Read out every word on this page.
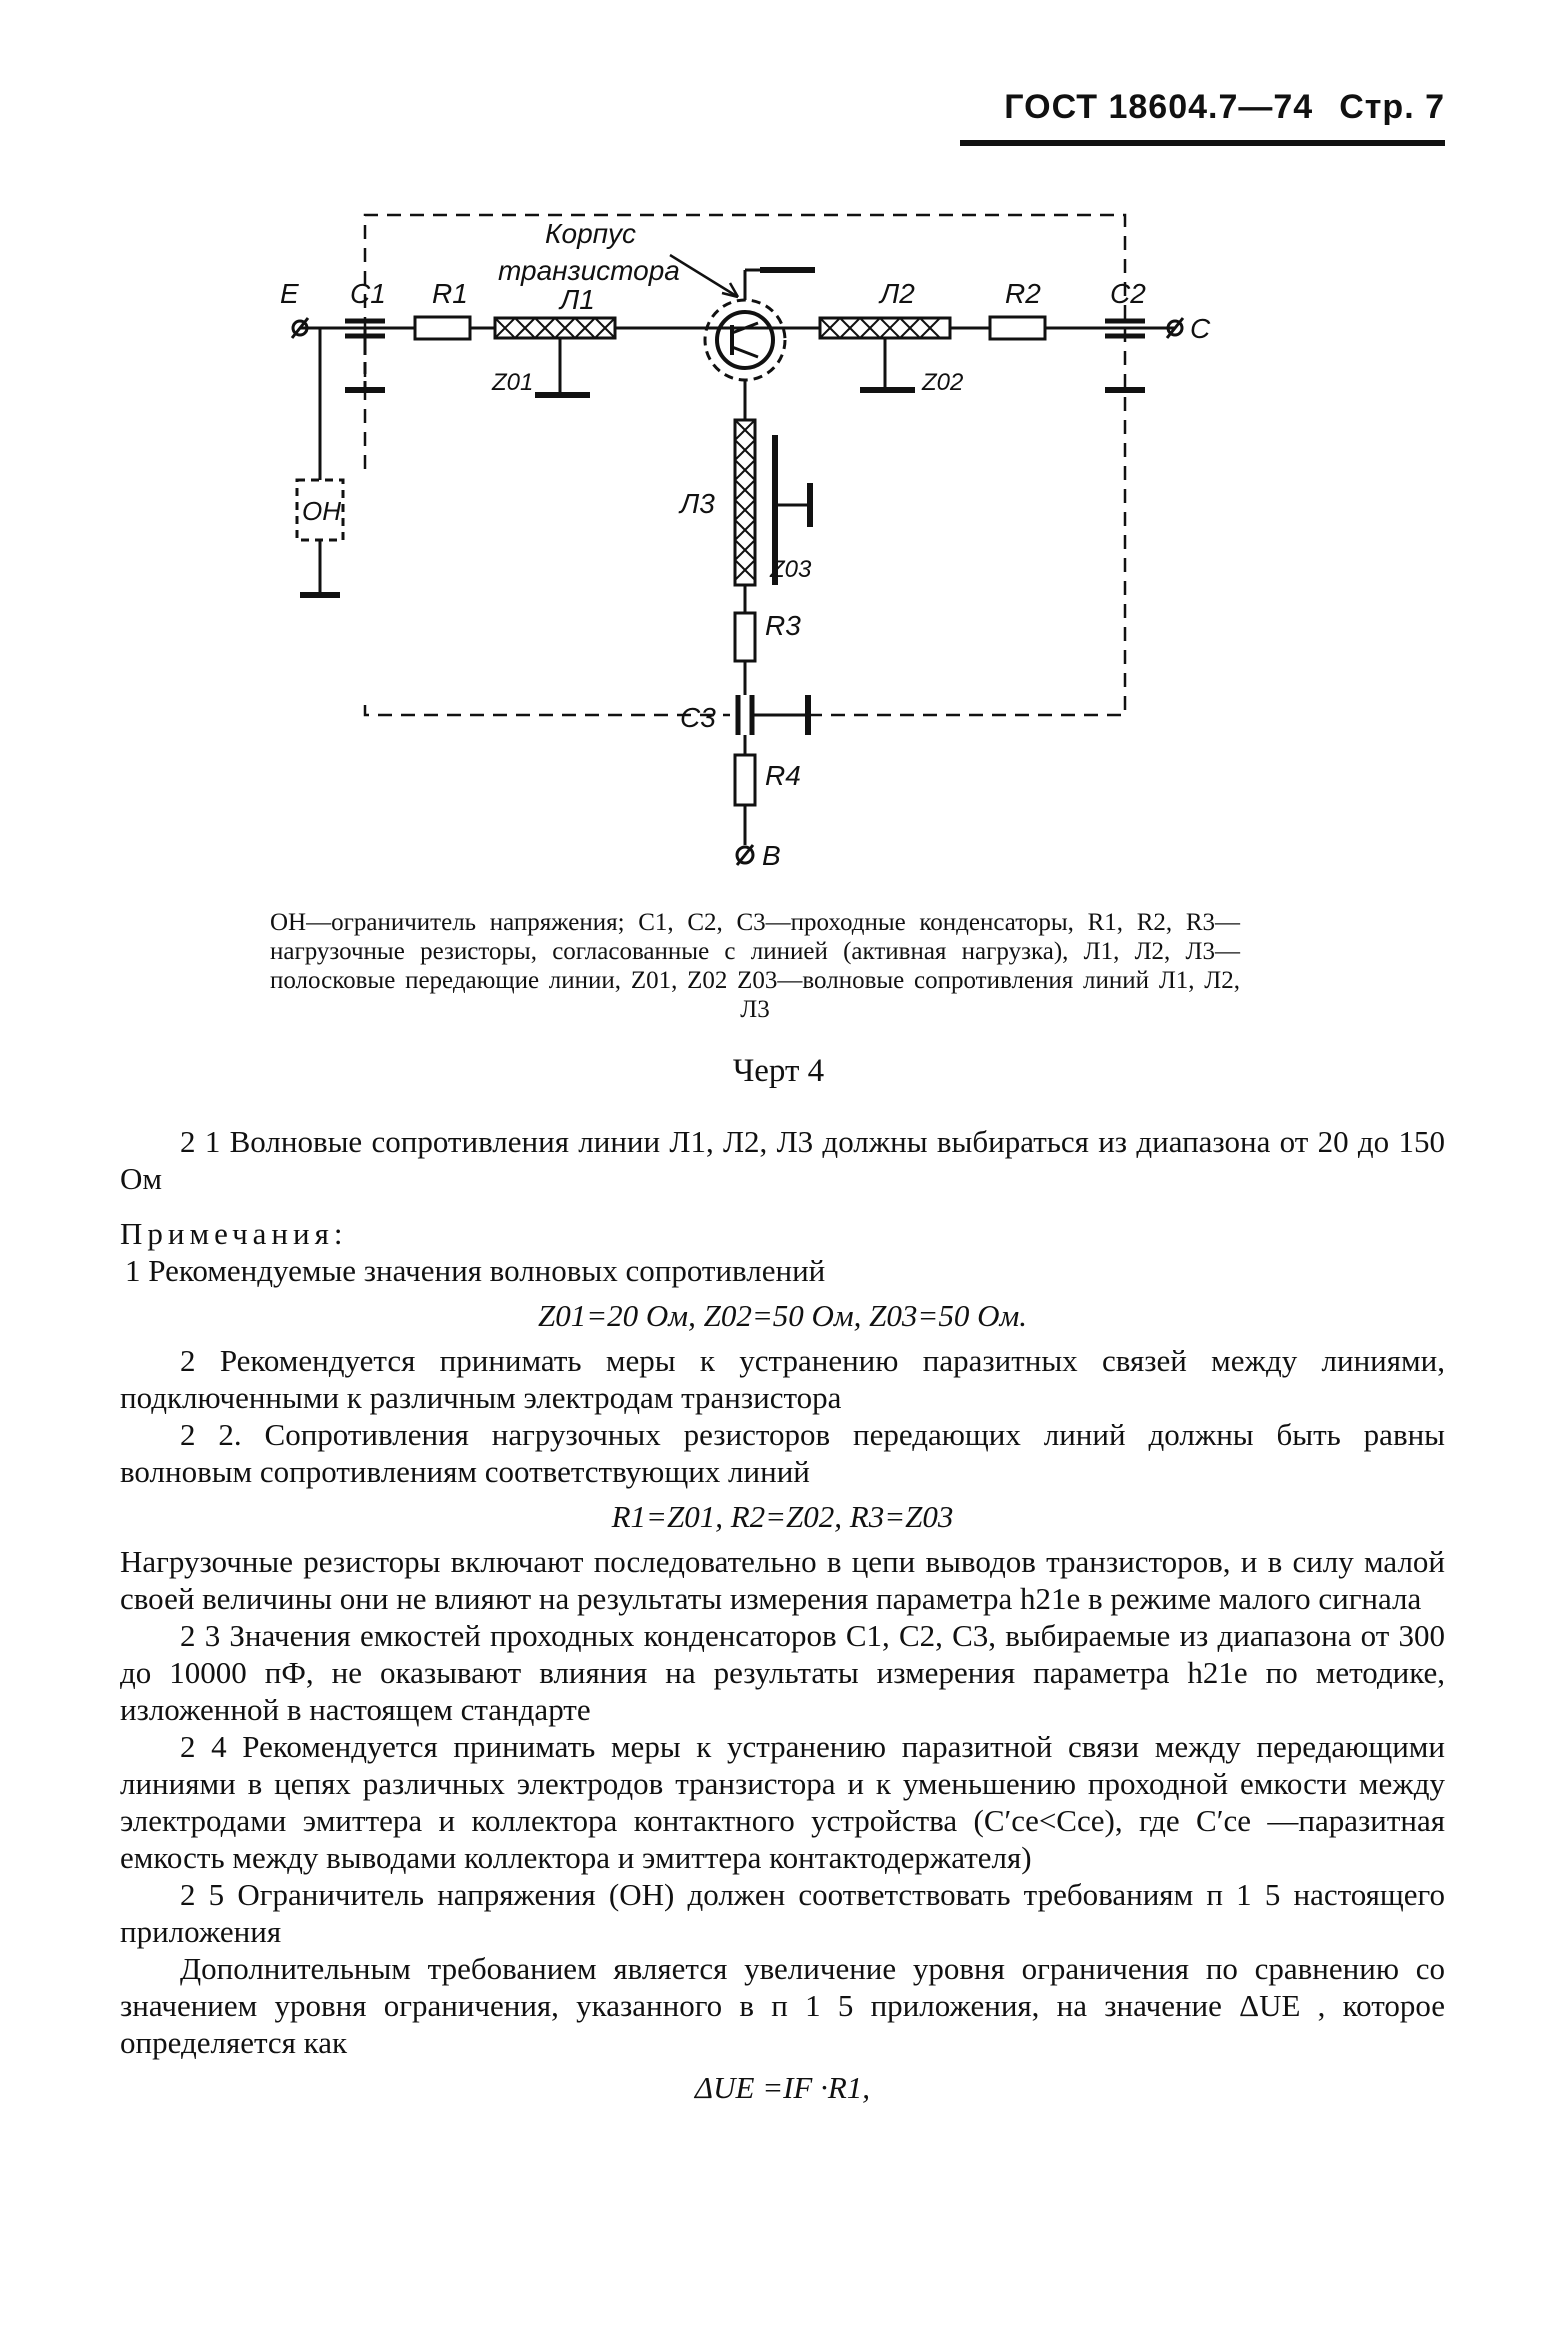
ГОСТ 18604.7—74 Стр. 7
E C1 R1
Корпус
транзистора
Л1
Z01
Л2
Z02
R2 C2
C
ОН	Л3
Z03
R3
C3
R4
B
ОН—ограничитель напряжения; C1, C2, C3—проходные конденсаторы, R1, R2, R3—нагрузочные резисторы, согласованные с линией (активная нагрузка), Л1, Л2, Л3—полосковые передающие линии, Z01, Z02 Z03—волновые сопротивления линий Л1, Л2, Л3
Черт 4

2 1 Волновые сопротивления линии Л1, Л2, Л3 должны выбираться из диапазона от 20 до 150 Ом

Примечания:

1 Рекомендуемые значения волновых сопротивлений

Z01=20 Ом, Z02=50 Ом, Z03=50 Ом.

2 Рекомендуется принимать меры к устранению паразитных связей между линиями, подключенными к различным электродам транзистора

2 2. Сопротивления нагрузочных резисторов передающих линий должны быть равны волновым сопротивлениям соответствующих линий

R1=Z01, R2=Z02, R3=Z03

Нагрузочные резисторы включают последовательно в цепи выводов транзисторов, и в силу малой своей величины они не влияют на результаты измерения параметра h21e в режиме малого сигнала

2 3 Значения емкостей проходных конденсаторов C1, C2, C3, выбираемые из диапазона от 300 до 10000 пФ, не оказывают влияния на результаты измерения параметра h21e по методике, изложенной в настоящем стандарте

2 4 Рекомендуется принимать меры к устранению паразитной связи между передающими линиями в цепях различных электродов транзистора и к уменьшению проходной емкости между электродами эмиттера и коллектора контактного устройства (C′ce<Cce), где C′ce —паразитная емкость между выводами коллектора и эмиттера контактодержателя)

2 5 Ограничитель напряжения (ОН) должен соответствовать требованиям п 1 5 настоящего приложения

Дополнительным требованием является увеличение уровня ограничения по сравнению со значением уровня ограничения, указанного в п 1 5 приложения, на значение ΔUE , которое определяется как

ΔUE =IF ·R1,
